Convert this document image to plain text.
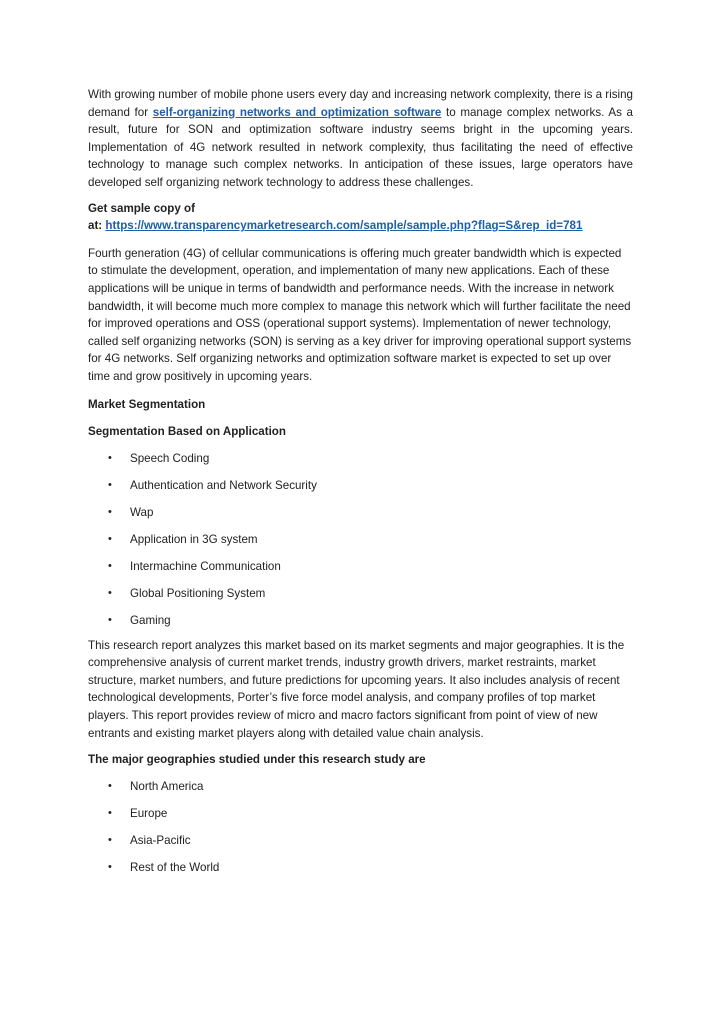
With growing number of mobile phone users every day and increasing network complexity, there is a rising demand for self-organizing networks and optimization software to manage complex networks. As a result, future for SON and optimization software industry seems bright in the upcoming years. Implementation of 4G network resulted in network complexity, thus facilitating the need of effective technology to manage such complex networks. In anticipation of these issues, large operators have developed self organizing network technology to address these challenges.

Get sample copy of
at: https://www.transparencymarketresearch.com/sample/sample.php?flag=S&rep_id=781

Fourth generation (4G) of cellular communications is offering much greater bandwidth which is expected to stimulate the development, operation, and implementation of many new applications. Each of these applications will be unique in terms of bandwidth and performance needs. With the increase in network bandwidth, it will become much more complex to manage this network which will further facilitate the need for improved operations and OSS (operational support systems). Implementation of newer technology, called self organizing networks (SON) is serving as a key driver for improving operational support systems for 4G networks. Self organizing networks and optimization software market is expected to set up over time and grow positively in upcoming years.

Market Segmentation
Segmentation Based on Application
• Speech Coding
• Authentication and Network Security
• Wap
• Application in 3G system
• Intermachine Communication
• Global Positioning System
• Gaming

This research report analyzes this market based on its market segments and major geographies. It is the comprehensive analysis of current market trends, industry growth drivers, market restraints, market structure, market numbers, and future predictions for upcoming years. It also includes analysis of recent technological developments, Porter’s five force model analysis, and company profiles of top market players. This report provides review of micro and macro factors significant from point of view of new entrants and existing market players along with detailed value chain analysis.

The major geographies studied under this research study are
• North America
• Europe
• Asia-Pacific
• Rest of the World
